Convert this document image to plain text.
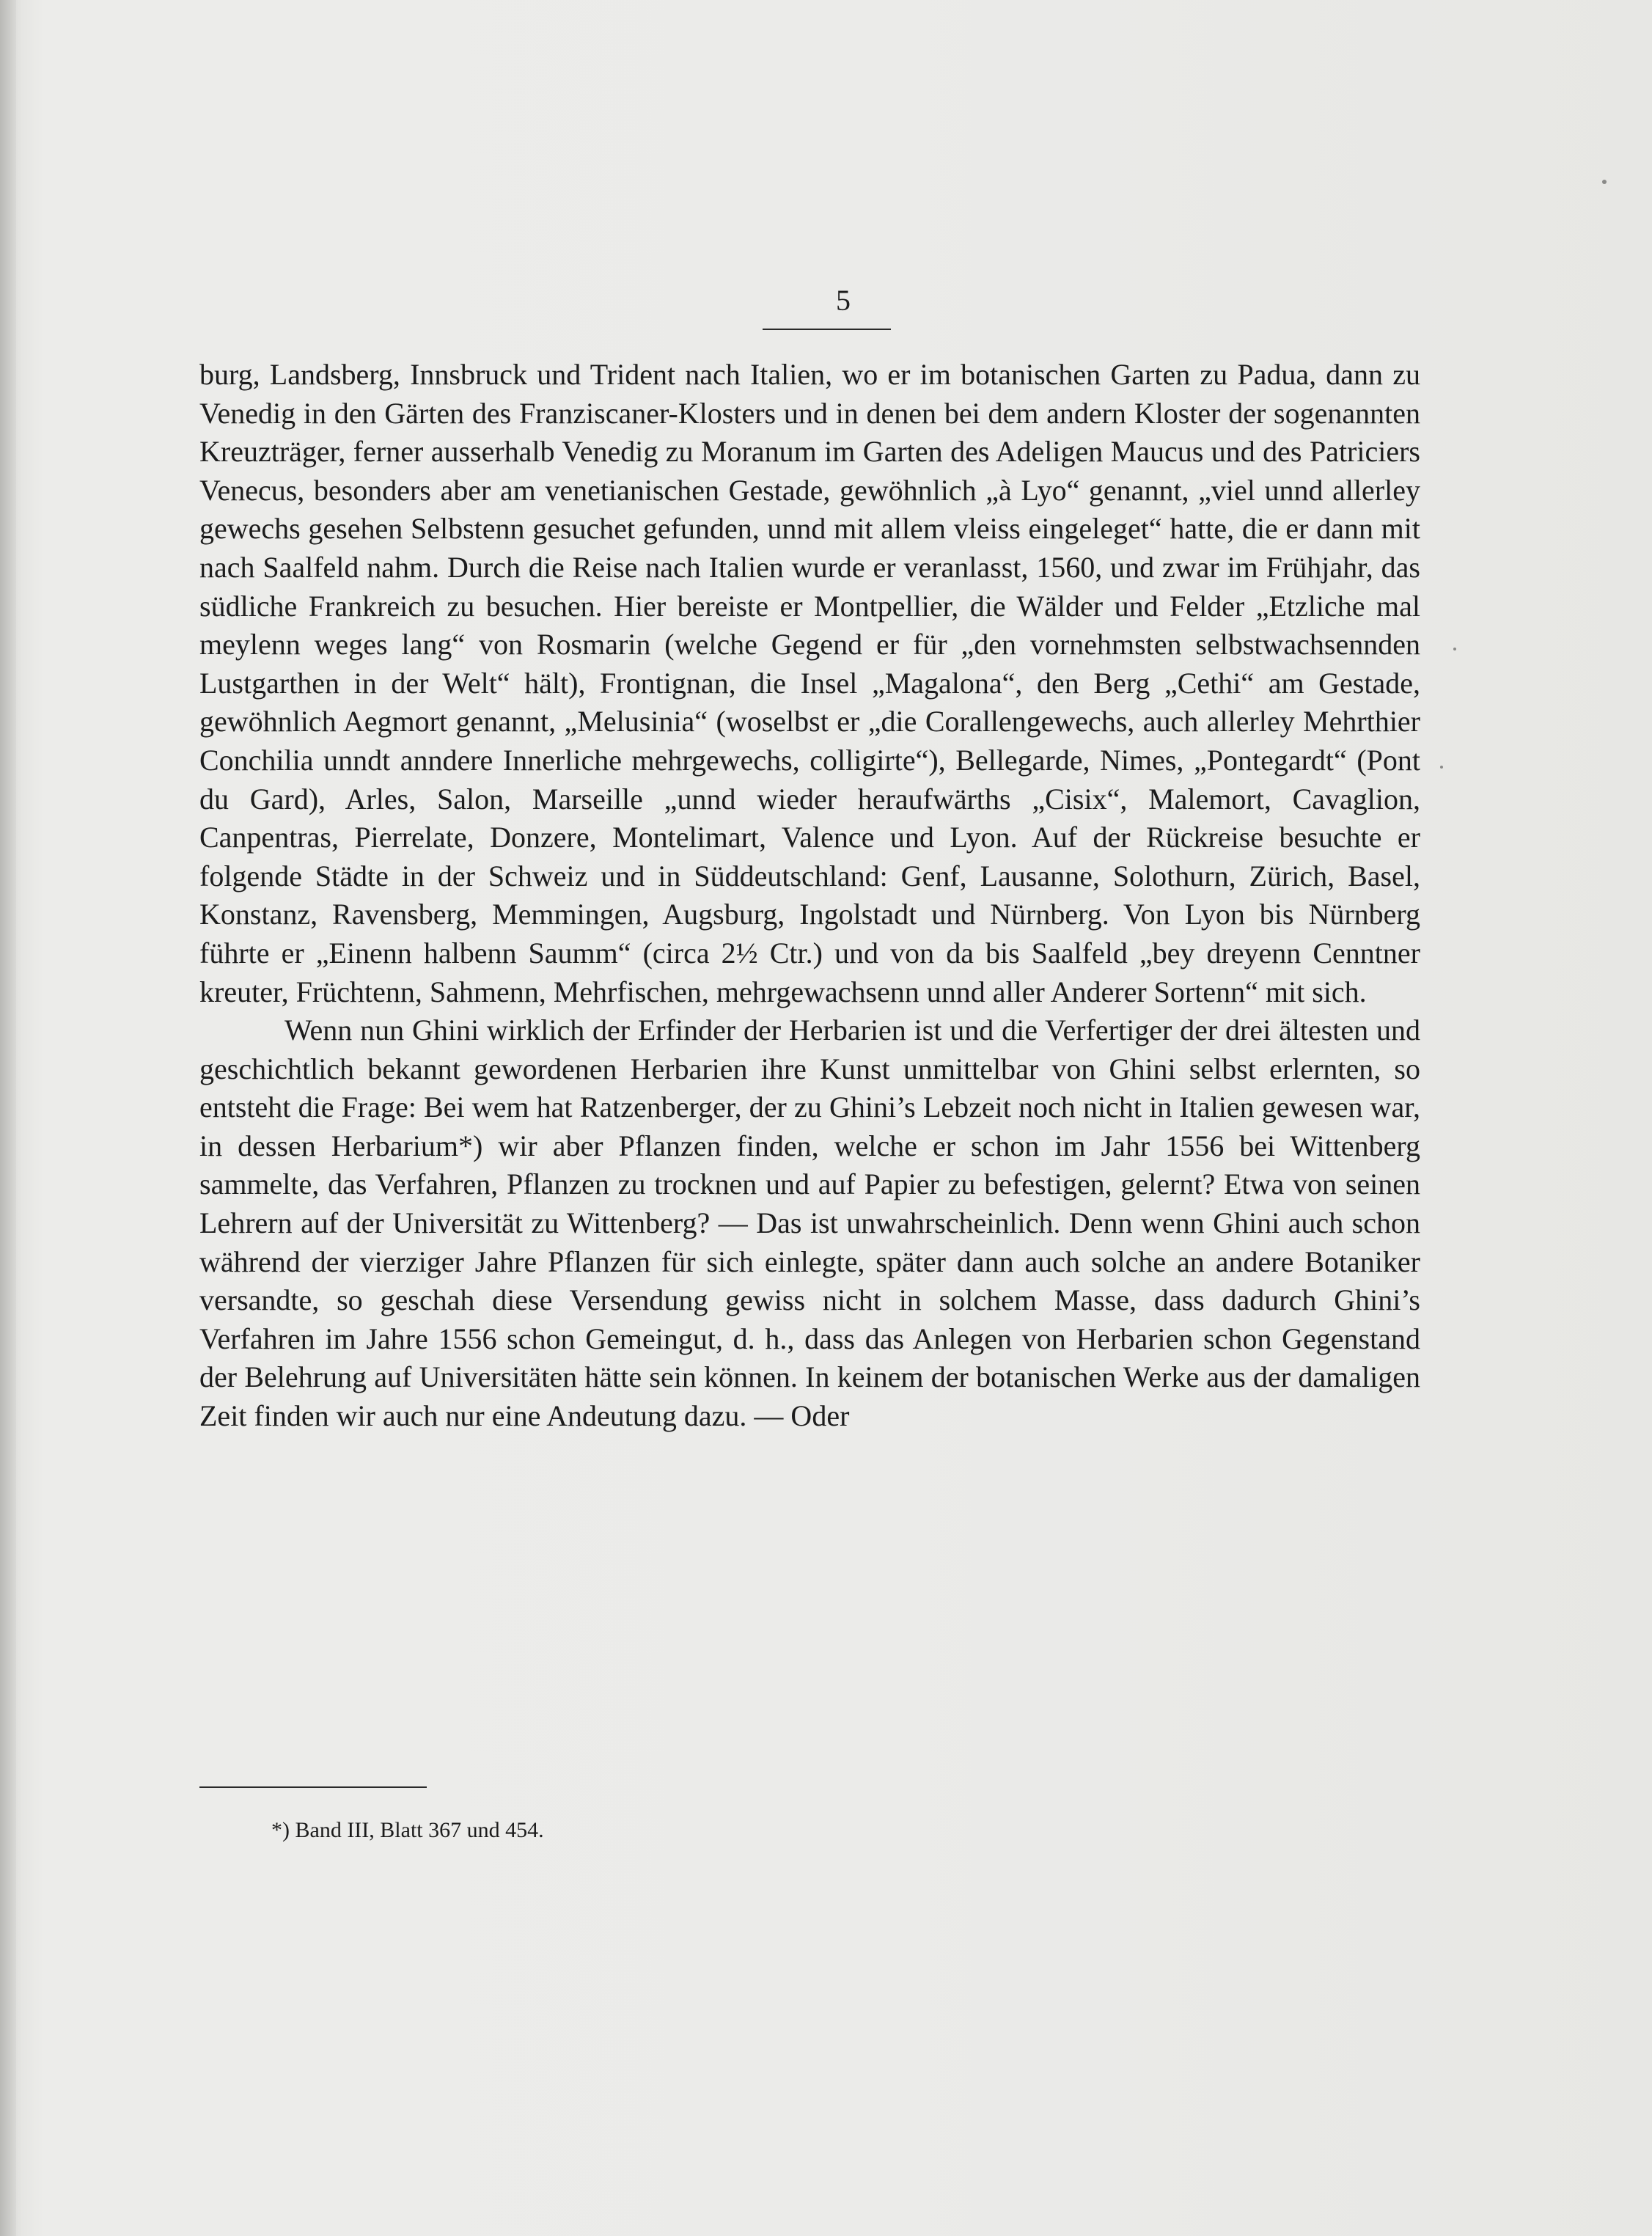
5

burg, Landsberg, Innsbruck und Trident nach Italien, wo er im botanischen Garten zu Padua, dann zu Venedig in den Gärten des Franziscaner-Klosters und in denen bei dem andern Kloster der sogenannten Kreuzträger, ferner ausserhalb Venedig zu Moranum im Garten des Adeligen Maucus und des Patriciers Venecus, besonders aber am venetianischen Gestade, gewöhnlich „à Lyo“ genannt, „viel unnd allerley gewechs gesehen Selbstenn gesuchet gefunden, unnd mit allem vleiss eingeleget“ hatte, die er dann mit nach Saalfeld nahm. Durch die Reise nach Italien wurde er veranlasst, 1560, und zwar im Frühjahr, das südliche Frankreich zu besuchen. Hier bereiste er Montpellier, die Wälder und Felder „Etzliche mal meylenn weges lang“ von Rosmarin (welche Gegend er für „den vornehmsten selbstwachsennden Lustgarthen in der Welt“ hält), Frontignan, die Insel „Magalona“, den Berg „Cethi“ am Gestade, gewöhnlich Aegmort genannt, „Melusinia“ (woselbst er „die Corallengewechs, auch allerley Mehrthier Conchilia unndt anndere Innerliche mehrgewechs, colligirte“), Bellegarde, Nimes, „Pontegardt“ (Pont du Gard), Arles, Salon, Marseille „unnd wieder heraufwärths „Cisix“, Malemort, Cavaglion, Canpentras, Pierrelate, Donzere, Montelimart, Valence und Lyon. Auf der Rückreise besuchte er folgende Städte in der Schweiz und in Süddeutschland: Genf, Lausanne, Solothurn, Zürich, Basel, Konstanz, Ravensberg, Memmingen, Augsburg, Ingolstadt und Nürnberg. Von Lyon bis Nürnberg führte er „Einenn halbenn Saumm“ (circa 2½ Ctr.) und von da bis Saalfeld „bey dreyenn Cenntner kreuter, Früchtenn, Sahmenn, Mehrfischen, mehrgewachsenn unnd aller Anderer Sortenn“ mit sich.

Wenn nun Ghini wirklich der Erfinder der Herbarien ist und die Verfertiger der drei ältesten und geschichtlich bekannt gewordenen Herbarien ihre Kunst unmittelbar von Ghini selbst erlernten, so entsteht die Frage: Bei wem hat Ratzenberger, der zu Ghini’s Lebzeit noch nicht in Italien gewesen war, in dessen Herbarium*) wir aber Pflanzen finden, welche er schon im Jahr 1556 bei Wittenberg sammelte, das Verfahren, Pflanzen zu trocknen und auf Papier zu befestigen, gelernt? Etwa von seinen Lehrern auf der Universität zu Wittenberg? — Das ist unwahrscheinlich. Denn wenn Ghini auch schon während der vierziger Jahre Pflanzen für sich einlegte, später dann auch solche an andere Botaniker versandte, so geschah diese Versendung gewiss nicht in solchem Masse, dass dadurch Ghini’s Verfahren im Jahre 1556 schon Gemeingut, d. h., dass das Anlegen von Herbarien schon Gegenstand der Belehrung auf Universitäten hätte sein können. In keinem der botanischen Werke aus der damaligen Zeit finden wir auch nur eine Andeutung dazu. — Oder

*) Band III, Blatt 367 und 454.
